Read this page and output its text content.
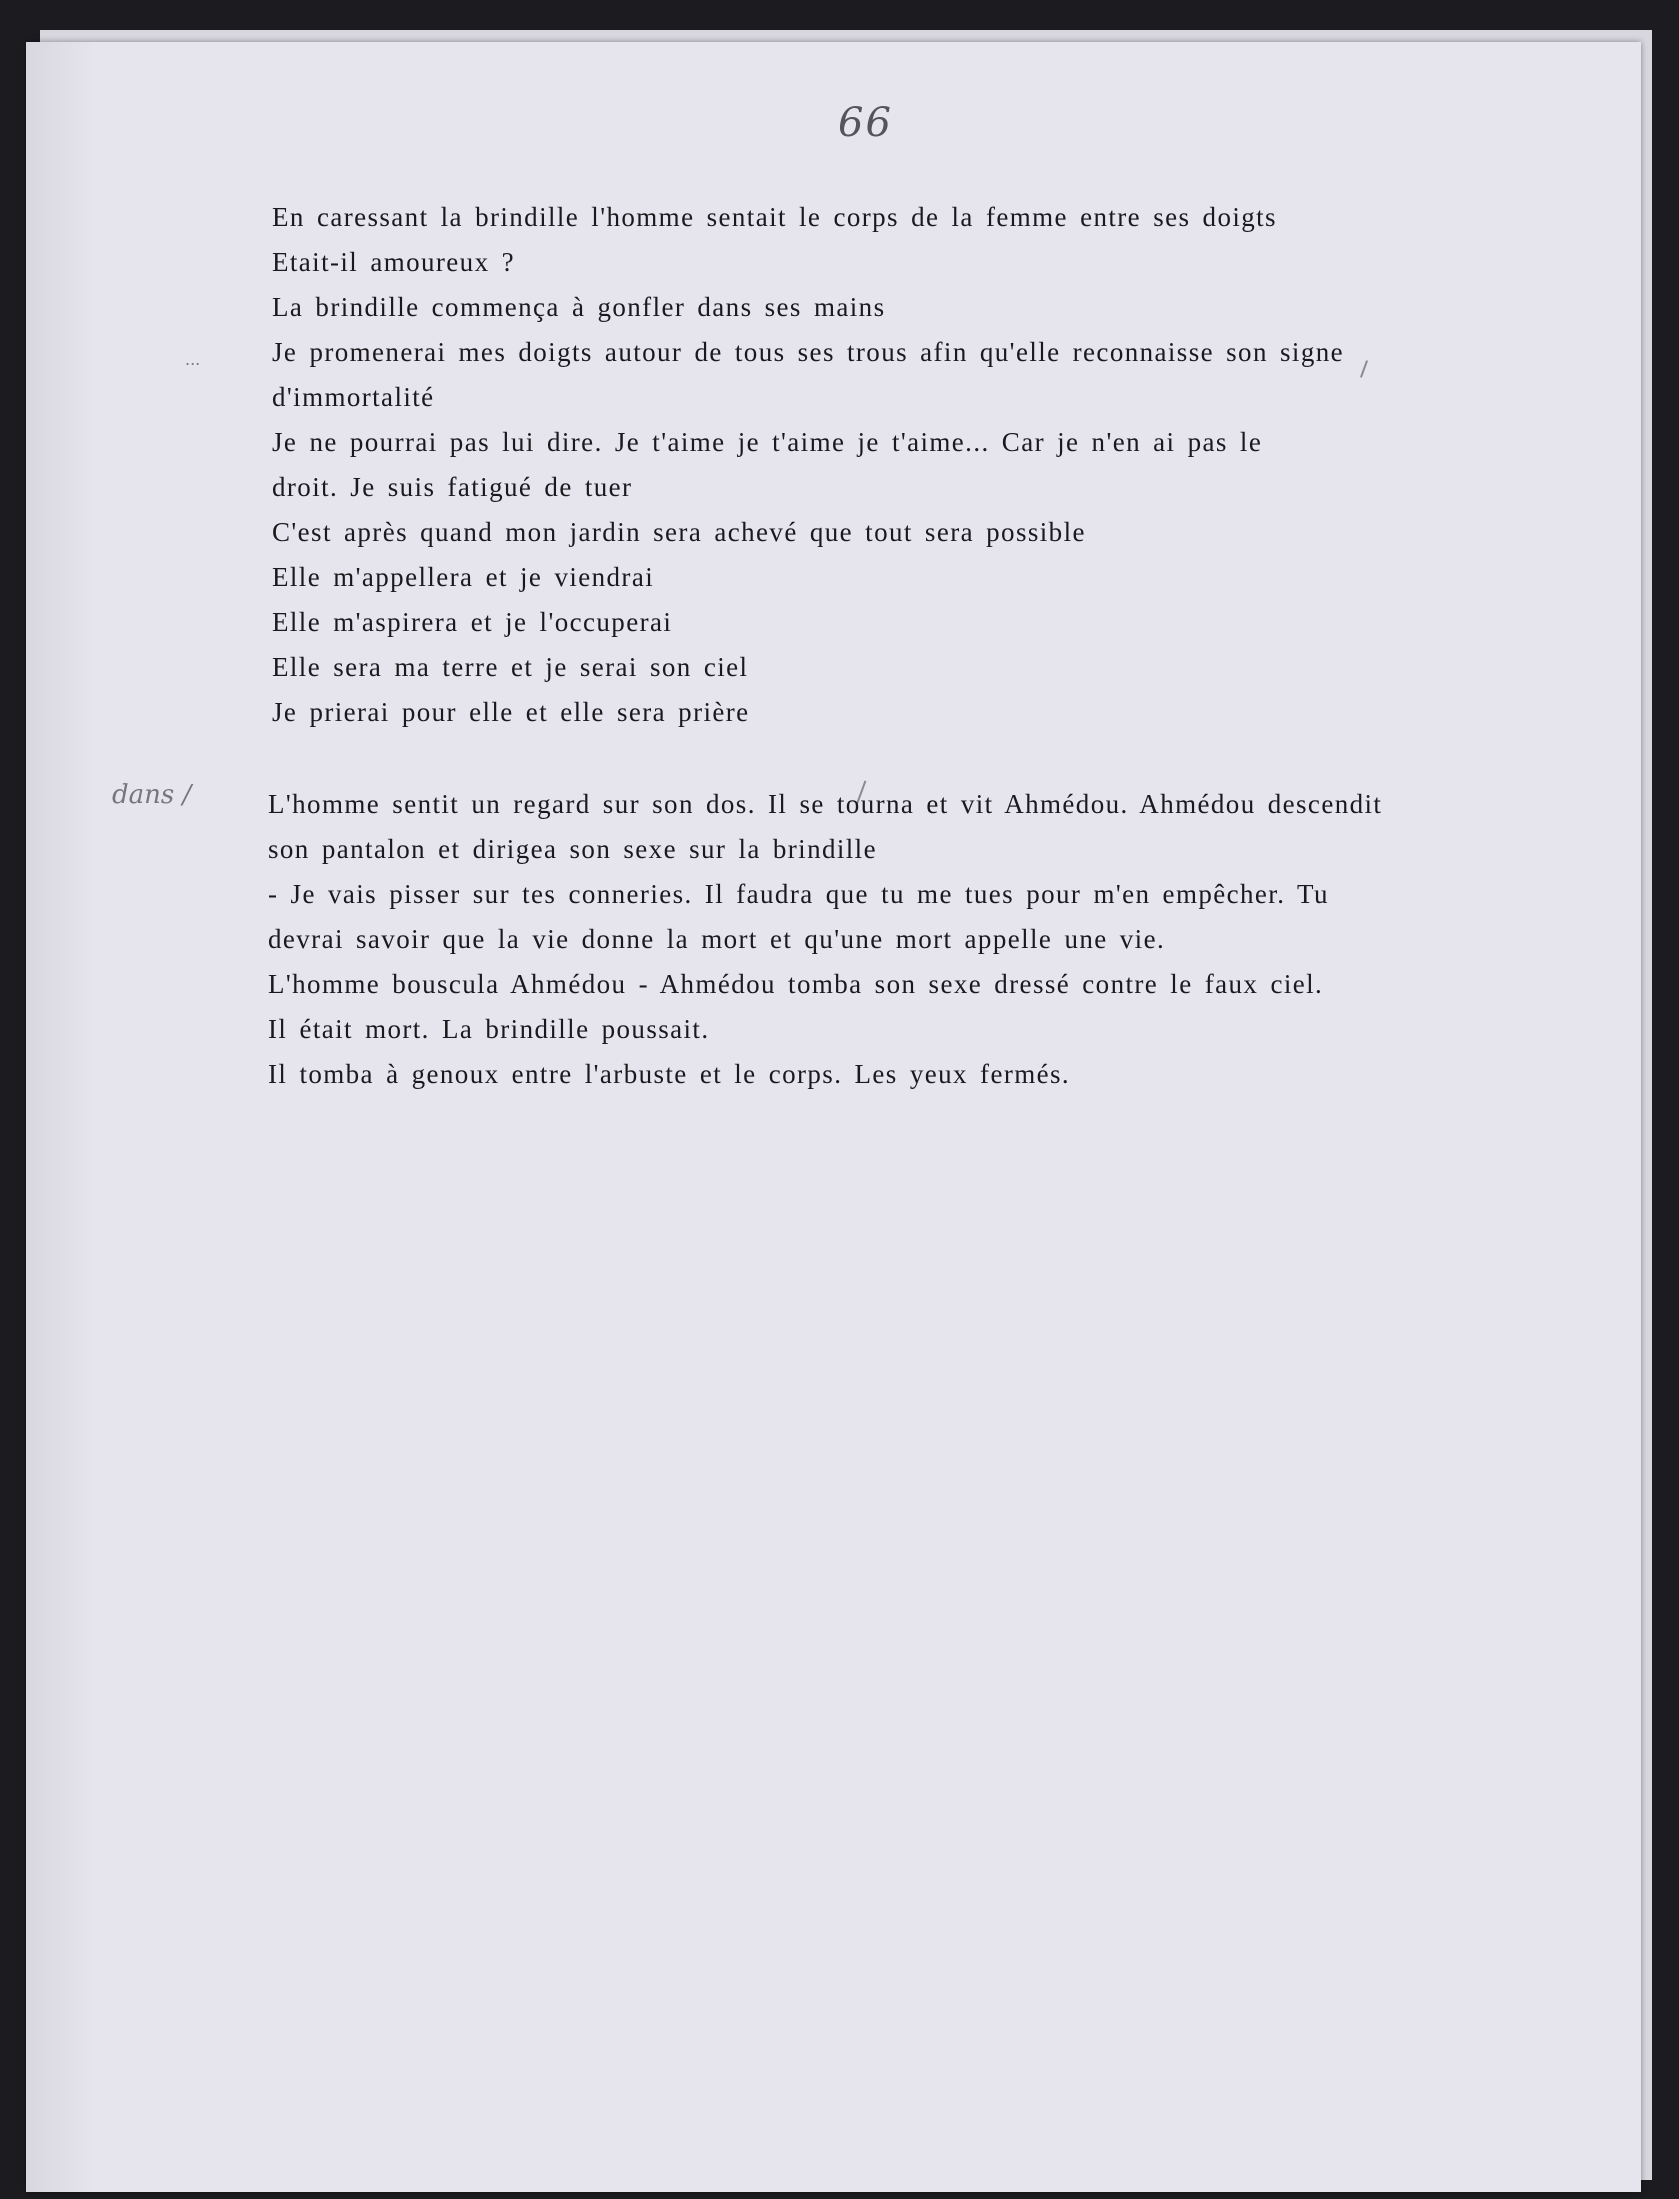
66
...
dans /
En caressant la brindille l'homme sentait le corps de la femme entre ses doigts
Etait-il amoureux ?
La brindille commença à gonfler dans ses mains
Je promenerai mes doigts autour de tous ses trous afin qu'elle reconnaisse son signe
d'immortalité
Je ne pourrai pas lui dire. Je t'aime je t'aime je t'aime... Car je n'en ai pas le
droit. Je suis fatigué de tuer
C'est après quand mon jardin sera achevé que tout sera possible
Elle m'appellera et je viendrai
Elle m'aspirera et je l'occuperai
Elle sera ma terre et je serai son ciel
Je prierai pour elle et elle sera prière
L'homme sentit un regard sur son dos. Il se tourna et vit Ahmédou. Ahmédou descendit
son pantalon et dirigea son sexe sur la brindille
- Je vais pisser sur tes conneries. Il faudra que tu me tues pour m'en empêcher. Tu
devrai savoir que la vie donne la mort et qu'une mort appelle une vie.
L'homme bouscula Ahmédou - Ahmédou tomba son sexe dressé contre le faux ciel.
Il était mort. La brindille poussait.
Il tomba à genoux entre l'arbuste et le corps. Les yeux fermés.
